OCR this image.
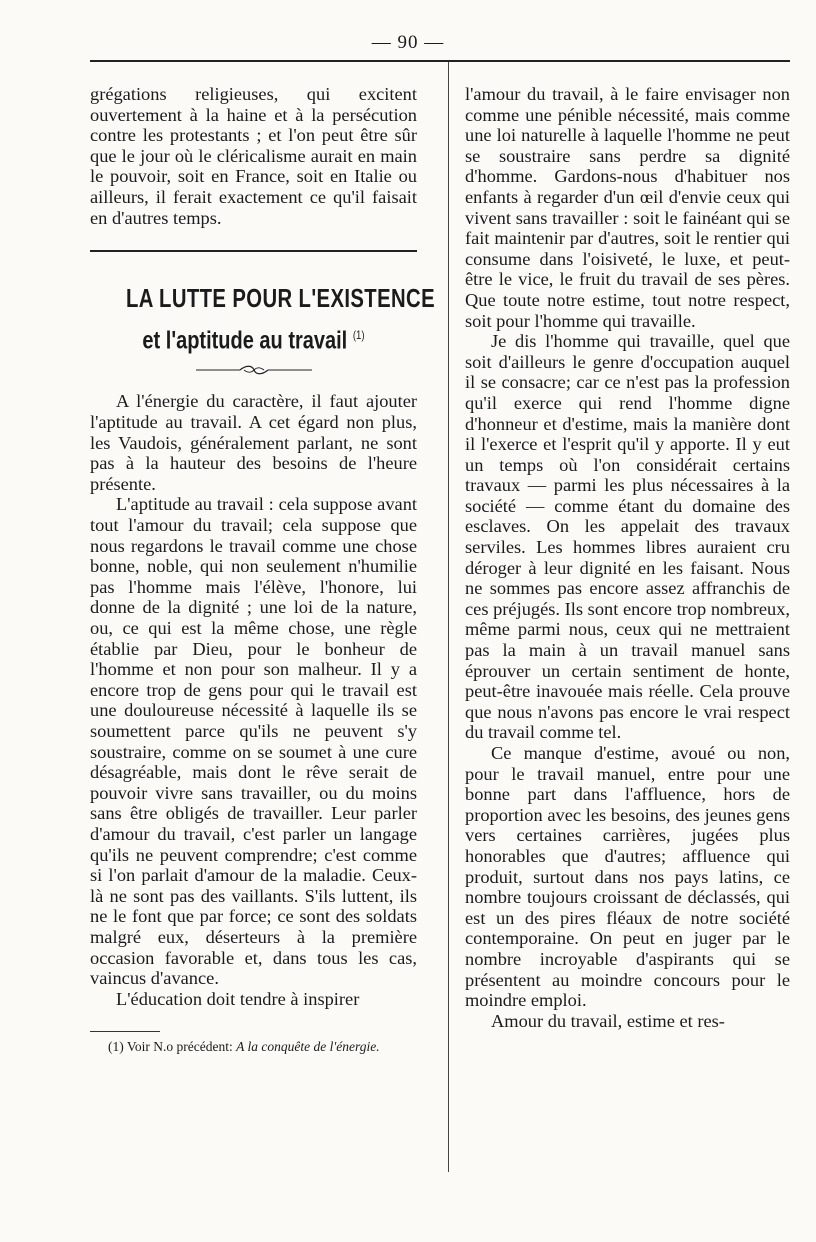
— 90 —

grégations religieuses, qui excitent ouvertement à la haine et à la persécution contre les protestants ; et l'on peut être sûr que le jour où le cléricalisme aurait en main le pouvoir, soit en France, soit en Italie ou ailleurs, il ferait exactement ce qu'il faisait en d'autres temps.

LA LUTTE POUR L'EXISTENCE
et l'aptitude au travail $^{(1)}$

A l'énergie du caractère, il faut ajouter l'aptitude au travail. A cet égard non plus, les Vaudois, généralement parlant, ne sont pas à la hauteur des besoins de l'heure présente.

L'aptitude au travail : cela suppose avant tout l'amour du travail; cela suppose que nous regardons le travail comme une chose bonne, noble, qui non seulement n'humilie pas l'homme mais l'élève, l'honore, lui donne de la dignité ; une loi de la nature, ou, ce qui est la même chose, une règle établie par Dieu, pour le bonheur de l'homme et non pour son malheur. Il y a encore trop de gens pour qui le travail est une douloureuse nécessité à laquelle ils se soumettent parce qu'ils ne peuvent s'y soustraire, comme on se soumet à une cure désagréable, mais dont le rêve serait de pouvoir vivre sans travailler, ou du moins sans être obligés de travailler. Leur parler d'amour du travail, c'est parler un langage qu'ils ne peuvent comprendre; c'est comme si l'on parlait d'amour de la maladie. Ceux-là ne sont pas des vaillants. S'ils luttent, ils ne le font que par force; ce sont des soldats malgré eux, déserteurs à la première occasion favorable et, dans tous les cas, vaincus d'avance.

L'éducation doit tendre à inspirer

(1) Voir N.o précédent: A la conquête de l'énergie.

l'amour du travail, à le faire envisager non comme une pénible nécessité, mais comme une loi naturelle à laquelle l'homme ne peut se soustraire sans perdre sa dignité d'homme. Gardons-nous d'habituer nos enfants à regarder d'un œil d'envie ceux qui vivent sans travailler : soit le fainéant qui se fait maintenir par d'autres, soit le rentier qui consume dans l'oisiveté, le luxe, et peut-être le vice, le fruit du travail de ses pères. Que toute notre estime, tout notre respect, soit pour l'homme qui travaille.

Je dis l'homme qui travaille, quel que soit d'ailleurs le genre d'occupation auquel il se consacre; car ce n'est pas la profession qu'il exerce qui rend l'homme digne d'honneur et d'estime, mais la manière dont il l'exerce et l'esprit qu'il y apporte. Il y eut un temps où l'on considérait certains travaux — parmi les plus nécessaires à la société — comme étant du domaine des esclaves. On les appelait des travaux serviles. Les hommes libres auraient cru déroger à leur dignité en les faisant. Nous ne sommes pas encore assez affranchis de ces préjugés. Ils sont encore trop nombreux, même parmi nous, ceux qui ne mettraient pas la main à un travail manuel sans éprouver un certain sentiment de honte, peut-être inavouée mais réelle. Cela prouve que nous n'avons pas encore le vrai respect du travail comme tel.

Ce manque d'estime, avoué ou non, pour le travail manuel, entre pour une bonne part dans l'affluence, hors de proportion avec les besoins, des jeunes gens vers certaines carrières, jugées plus honorables que d'autres; affluence qui produit, surtout dans nos pays latins, ce nombre toujours croissant de déclassés, qui est un des pires fléaux de notre société contemporaine. On peut en juger par le nombre incroyable d'aspirants qui se présentent au moindre concours pour le moindre emploi.

Amour du travail, estime et res-
